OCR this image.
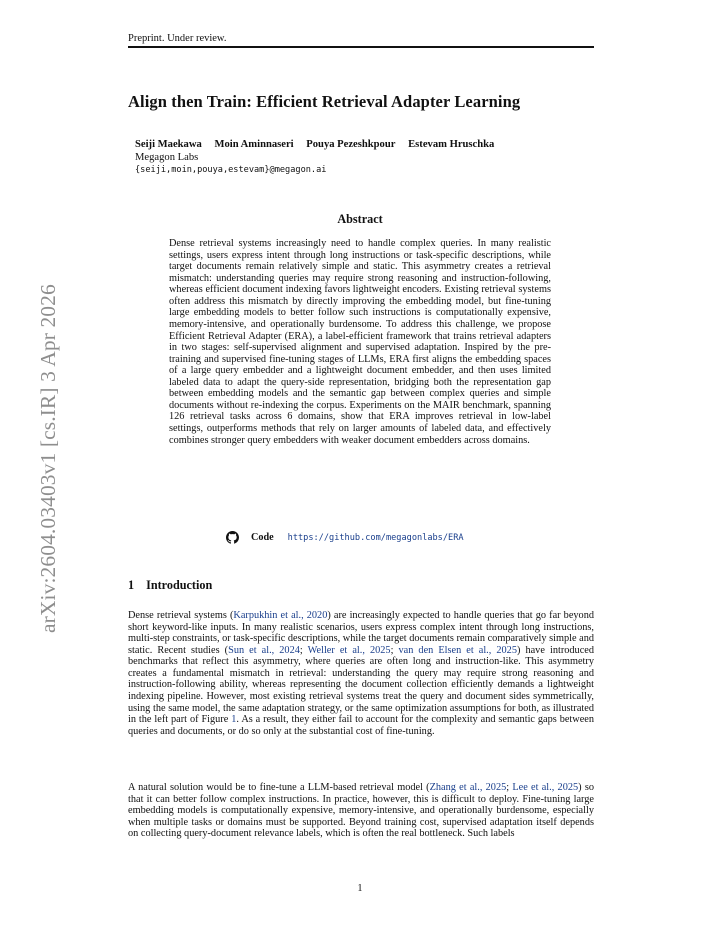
Preprint. Under review.
Align then Train: Efficient Retrieval Adapter Learning
Seiji Maekawa Moin Aminnaseri Pouya Pezeshkpour Estevam Hruschka
Megagon Labs
{seiji,moin,pouya,estevam}@megagon.ai
Abstract
Dense retrieval systems increasingly need to handle complex queries. In many realistic settings, users express intent through long instructions or task-specific descriptions, while target documents remain relatively simple and static. This asymmetry creates a retrieval mismatch: understanding queries may require strong reasoning and instruction-following, whereas efficient document indexing favors lightweight encoders. Existing retrieval systems often address this mismatch by directly improving the embedding model, but fine-tuning large embedding models to better follow such instructions is computationally expensive, memory-intensive, and operationally burdensome. To address this challenge, we propose Efficient Retrieval Adapter (ERA), a label-efficient framework that trains retrieval adapters in two stages: self-supervised alignment and supervised adaptation. Inspired by the pre-training and supervised fine-tuning stages of LLMs, ERA first aligns the embedding spaces of a large query embedder and a lightweight document embedder, and then uses limited labeled data to adapt the query-side representation, bridging both the representation gap between embedding models and the semantic gap between complex queries and simple documents without re-indexing the corpus. Experiments on the MAIR benchmark, spanning 126 retrieval tasks across 6 domains, show that ERA improves retrieval in low-label settings, outperforms methods that rely on larger amounts of labeled data, and effectively combines stronger query embedders with weaker document embedders across domains.
Code https://github.com/megagonlabs/ERA
1 Introduction
Dense retrieval systems (Karpukhin et al., 2020) are increasingly expected to handle queries that go far beyond short keyword-like inputs. In many realistic scenarios, users express complex intent through long instructions, multi-step constraints, or task-specific descriptions, while the target documents remain comparatively simple and static. Recent studies (Sun et al., 2024; Weller et al., 2025; van den Elsen et al., 2025) have introduced benchmarks that reflect this asymmetry, where queries are often long and instruction-like. This asymmetry creates a fundamental mismatch in retrieval: understanding the query may require strong reasoning and instruction-following ability, whereas representing the document collection efficiently demands a lightweight indexing pipeline. However, most existing retrieval systems treat the query and document sides symmetrically, using the same model, the same adaptation strategy, or the same optimization assumptions for both, as illustrated in the left part of Figure 1. As a result, they either fail to account for the complexity and semantic gaps between queries and documents, or do so only at the substantial cost of fine-tuning.
A natural solution would be to fine-tune a LLM-based retrieval model (Zhang et al., 2025; Lee et al., 2025) so that it can better follow complex instructions. In practice, however, this is difficult to deploy. Fine-tuning large embedding models is computationally expensive, memory-intensive, and operationally burdensome, especially when multiple tasks or domains must be supported. Beyond training cost, supervised adaptation itself depends on collecting query-document relevance labels, which is often the real bottleneck. Such labels
1
arXiv:2604.03403v1 [cs.IR] 3 Apr 2026
